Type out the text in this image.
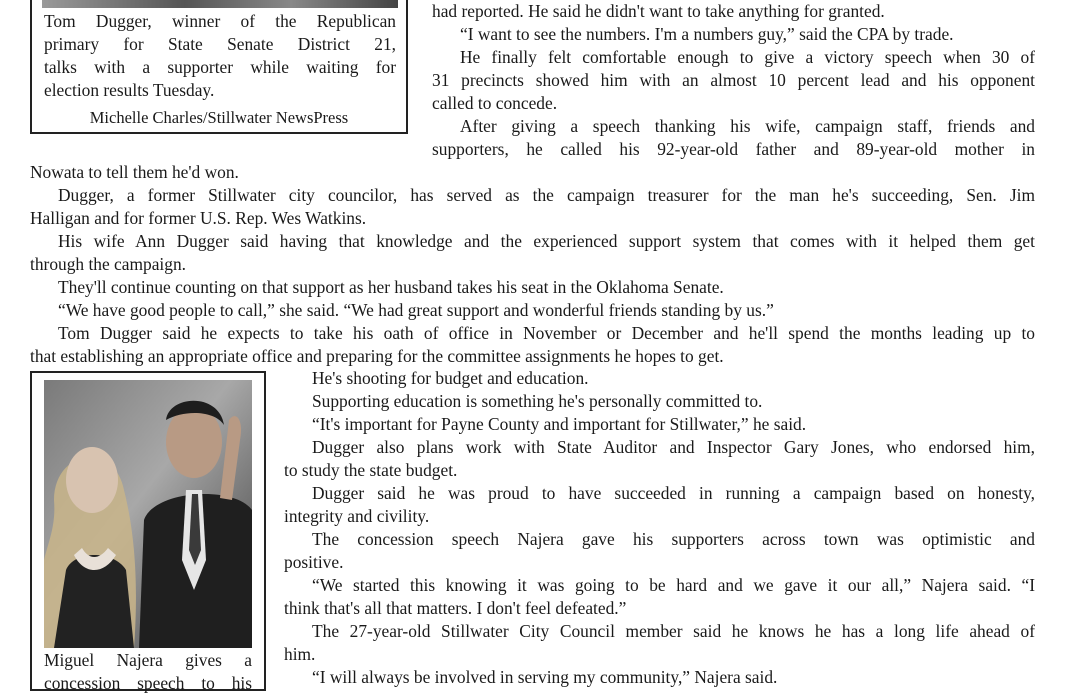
Tom Dugger, winner of the Republican
primary for State Senate District 21,
talks with a supporter while waiting for
election results Tuesday.
Michelle Charles/Stillwater NewsPress
had reported. He said he didn't want to take anything for granted.
“I want to see the numbers. I'm a numbers guy,” said the CPA by trade.
He finally felt comfortable enough to give a victory speech when 30 of
31 precincts showed him with an almost 10 percent lead and his opponent
called to concede.
After giving a speech thanking his wife, campaign staff, friends and
supporters, he called his 92-year-old father and 89-year-old mother in
Nowata to tell them he'd won.
Dugger, a former Stillwater city councilor, has served as the campaign treasurer for the man he's succeeding, Sen. Jim
Halligan and for former U.S. Rep. Wes Watkins.
His wife Ann Dugger said having that knowledge and the experienced support system that comes with it helped them get
through the campaign.
They'll continue counting on that support as her husband takes his seat in the Oklahoma Senate.
“We have good people to call,” she said. “We had great support and wonderful friends standing by us.”
Tom Dugger said he expects to take his oath of office in November or December and he'll spend the months leading up to
that establishing an appropriate office and preparing for the committee assignments he hopes to get.
Miguel Najera gives a
concession speech to his
He's shooting for budget and education.
Supporting education is something he's personally committed to.
“It's important for Payne County and important for Stillwater,” he said.
Dugger also plans work with State Auditor and Inspector Gary Jones, who endorsed him,
to study the state budget.
Dugger said he was proud to have succeeded in running a campaign based on honesty,
integrity and civility.
The concession speech Najera gave his supporters across town was optimistic and
positive.
“We started this knowing it was going to be hard and we gave it our all,” Najera said. “I
think that's all that matters. I don't feel defeated.”
The 27-year-old Stillwater City Council member said he knows he has a long life ahead of
him.
“I will always be involved in serving my community,” Najera said.
